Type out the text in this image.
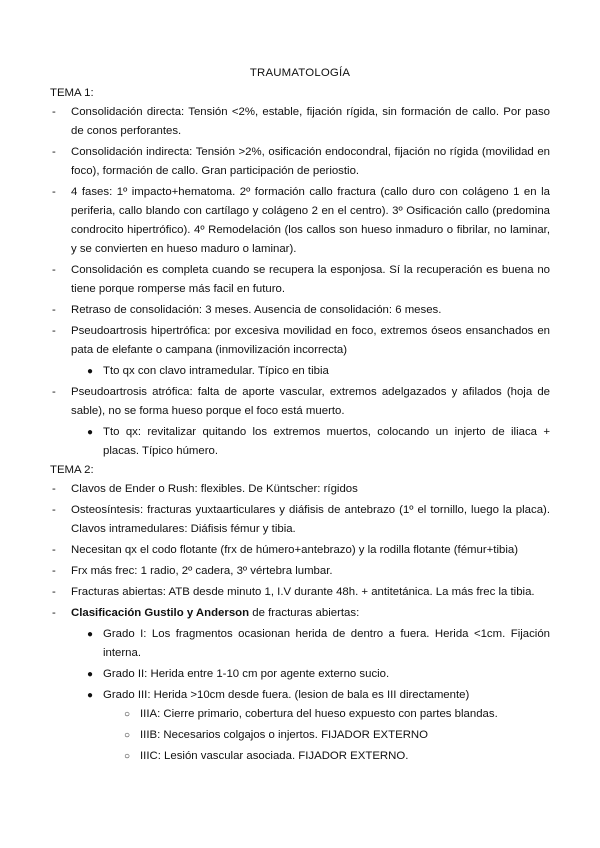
TRAUMATOLOGÍA
TEMA 1:
- Consolidación directa: Tensión <2%, estable, fijación rígida, sin formación de callo. Por paso de conos perforantes.
- Consolidación indirecta: Tensión >2%, osificación endocondral, fijación no rígida (movilidad en foco), formación de callo. Gran participación de periostio.
- 4 fases: 1º impacto+hematoma. 2º formación callo fractura (callo duro con colágeno 1 en la periferia, callo blando con cartílago y colágeno 2 en el centro). 3º Osificación callo (predomina condrocito hipertrófico). 4º Remodelación (los callos son hueso inmaduro o fibrilar, no laminar, y se convierten en hueso maduro o laminar).
- Consolidación es completa cuando se recupera la esponjosa. Sí la recuperación es buena no tiene porque romperse más facil en futuro.
- Retraso de consolidación: 3 meses. Ausencia de consolidación: 6 meses.
- Pseudoartrosis hipertrófica: por excesiva movilidad en foco, extremos óseos ensanchados en pata de elefante o campana (inmovilización incorrecta)
● Tto qx con clavo intramedular. Típico en tibia
- Pseudoartrosis atrófica: falta de aporte vascular, extremos adelgazados y afilados (hoja de sable), no se forma hueso porque el foco está muerto.
● Tto qx: revitalizar quitando los extremos muertos, colocando un injerto de iliaca + placas. Típico húmero.
TEMA 2:
- Clavos de Ender o Rush: flexibles. De Küntscher: rígidos
- Osteosíntesis: fracturas yuxtaarticulares y diáfisis de antebrazo (1º el tornillo, luego la placa). Clavos intramedulares: Diáfisis fémur y tibia.
- Necesitan qx el codo flotante (frx de húmero+antebrazo) y la rodilla flotante (fémur+tibia)
- Frx más frec: 1 radio, 2º cadera, 3º vértebra lumbar.
- Fracturas abiertas: ATB desde minuto 1, I.V durante 48h. + antitetánica. La más frec la tibia.
- Clasificación Gustilo y Anderson de fracturas abiertas:
● Grado I: Los fragmentos ocasionan herida de dentro a fuera. Herida <1cm. Fijación interna.
● Grado II: Herida entre 1-10 cm por agente externo sucio.
● Grado III: Herida >10cm desde fuera. (lesion de bala es III directamente)
○ IIIA: Cierre primario, cobertura del hueso expuesto con partes blandas.
○ IIIB: Necesarios colgajos o injertos. FIJADOR EXTERNO
○ IIIC: Lesión vascular asociada. FIJADOR EXTERNO.
